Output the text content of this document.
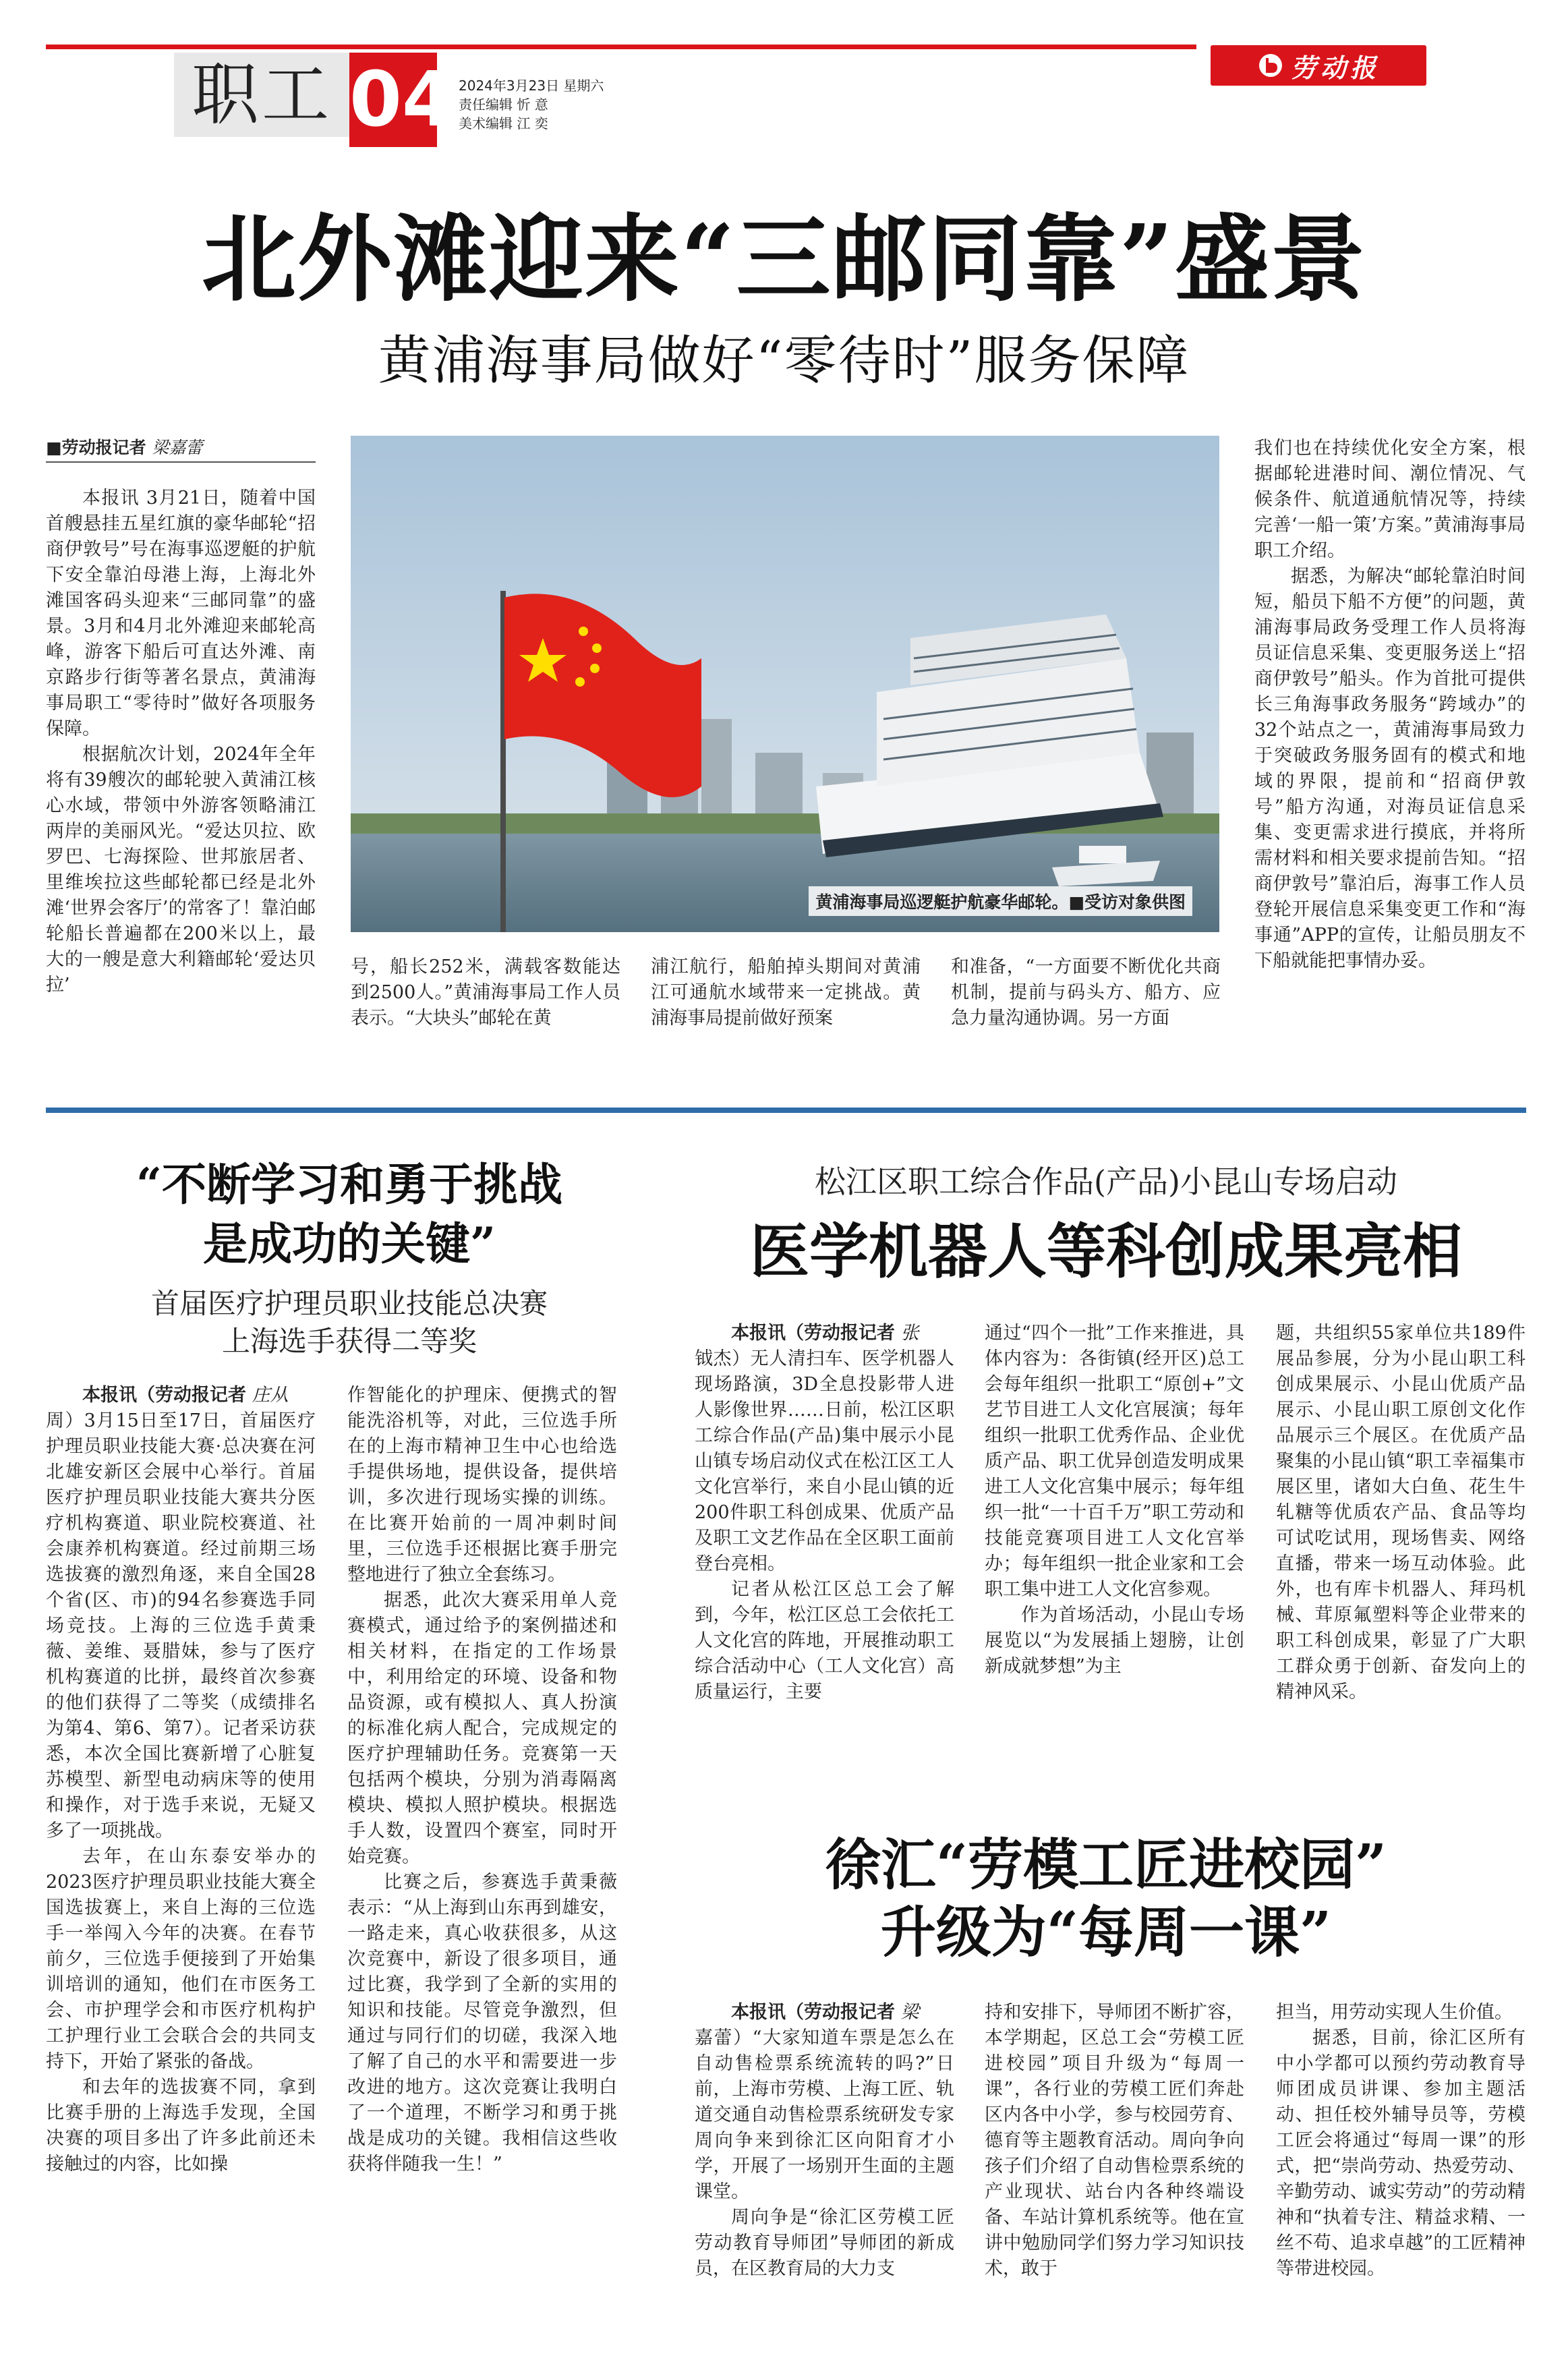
职工 04 2024年3月23日 星期六
责任编辑 忻 意
美术编辑 江 奕
劳动报
北外滩迎来“三邮同靠”盛景
黄浦海事局做好“零待时”服务保障
■劳动报记者 梁嘉蕾

本报讯 3月21日，随着中国首艘悬挂五星红旗的豪华邮轮“招商伊敦号”号在海事巡逻艇的护航下安全靠泊母港上海，上海北外滩国客码头迎来“三邮同靠”的盛景。3月和4月北外滩迎来邮轮高峰，游客下船后可直达外滩、南京路步行街等著名景点，黄浦海事局职工“零待时”做好各项服务保障。

根据航次计划，2024年全年将有39艘次的邮轮驶入黄浦江核心水域，带领中外游客领略浦江两岸的美丽风光。“爱达贝拉、欧罗巴、七海探险、世邦旅居者、里维埃拉这些邮轮都已经是北外滩‘世界会客厅’的常客了！靠泊邮轮船长普遍都在200米以上，最大的一艘是意大利籍邮轮‘爱达贝拉’

黄浦海事局巡逻艇护航豪华邮轮。■受访对象供图

号，船长252米，满载客数能达到2500人。”黄浦海事局工作人员表示。“大块头”邮轮在黄

浦江航行，船舶掉头期间对黄浦江可通航水域带来一定挑战。黄浦海事局提前做好预案

和准备，“一方面要不断优化共商机制，提前与码头方、船方、应急力量沟通协调。另一方面

我们也在持续优化安全方案，根据邮轮进港时间、潮位情况、气候条件、航道通航情况等，持续完善‘一船一策’方案。”黄浦海事局职工介绍。

据悉，为解决“邮轮靠泊时间短，船员下船不方便”的问题，黄浦海事局政务受理工作人员将海员证信息采集、变更服务送上“招商伊敦号”船头。作为首批可提供长三角海事政务服务“跨域办”的32个站点之一，黄浦海事局致力于突破政务服务固有的模式和地域的界限，提前和“招商伊敦号”船方沟通，对海员证信息采集、变更需求进行摸底，并将所需材料和相关要求提前告知。“招商伊敦号”靠泊后，海事工作人员登轮开展信息采集变更工作和“海事通”APP的宣传，让船员朋友不下船就能把事情办妥。

“不断学习和勇于挑战
是成功的关键”
首届医疗护理员职业技能总决赛
上海选手获得二等奖

本报讯（劳动报记者 庄从

周）3月15日至17日，首届医疗护理员职业技能大赛·总决赛在河北雄安新区会展中心举行。首届医疗护理员职业技能大赛共分医疗机构赛道、职业院校赛道、社会康养机构赛道。经过前期三场选拔赛的激烈角逐，来自全国28个省(区、市)的94名参赛选手同场竞技。上海的三位选手黄秉薇、姜维、聂腊妹，参与了医疗机构赛道的比拼，最终首次参赛的他们获得了二等奖（成绩排名为第4、第6、第7）。记者采访获悉，本次全国比赛新增了心脏复苏模型、新型电动病床等的使用和操作，对于选手来说，无疑又多了一项挑战。

去年，在山东泰安举办的2023医疗护理员职业技能大赛全国选拔赛上，来自上海的三位选手一举闯入今年的决赛。在春节前夕，三位选手便接到了开始集训培训的通知，他们在市医务工会、市护理学会和市医疗机构护工护理行业工会联合会的共同支持下，开始了紧张的备战。

和去年的选拔赛不同，拿到比赛手册的上海选手发现，全国决赛的项目多出了许多此前还未接触过的内容，比如操

作智能化的护理床、便携式的智能洗浴机等，对此，三位选手所在的上海市精神卫生中心也给选手提供场地，提供设备，提供培训，多次进行现场实操的训练。在比赛开始前的一周冲刺时间里，三位选手还根据比赛手册完整地进行了独立全套练习。

据悉，此次大赛采用单人竞赛模式，通过给予的案例描述和相关材料，在指定的工作场景中，利用给定的环境、设备和物品资源，或有模拟人、真人扮演的标准化病人配合，完成规定的医疗护理辅助任务。竞赛第一天包括两个模块，分别为消毒隔离模块、模拟人照护模块。根据选手人数，设置四个赛室，同时开始竞赛。

比赛之后，参赛选手黄秉薇表示：“从上海到山东再到雄安，一路走来，真心收获很多，从这次竞赛中，新设了很多项目，通过比赛，我学到了全新的实用的知识和技能。尽管竞争激烈，但通过与同行们的切磋，我深入地了解了自己的水平和需要进一步改进的地方。这次竞赛让我明白了一个道理，不断学习和勇于挑战是成功的关键。我相信这些收获将伴随我一生！”

松江区职工综合作品(产品)小昆山专场启动
医学机器人等科创成果亮相

本报讯（劳动报记者 张

钺杰）无人清扫车、医学机器人现场路演，3D全息投影带人进人影像世界……日前，松江区职工综合作品(产品)集中展示小昆山镇专场启动仪式在松江区工人文化宫举行，来自小昆山镇的近200件职工科创成果、优质产品及职工文艺作品在全区职工面前登台亮相。

记者从松江区总工会了解到，今年，松江区总工会依托工人文化宫的阵地，开展推动职工综合活动中心（工人文化宫）高质量运行，主要

通过“四个一批”工作来推进，具体内容为：各街镇(经开区)总工会每年组织一批职工“原创+”文艺节目进工人文化宫展演；每年组织一批职工优秀作品、企业优质产品、职工优异创造发明成果进工人文化宫集中展示；每年组织一批“一十百千万”职工劳动和技能竞赛项目进工人文化宫举办；每年组织一批企业家和工会职工集中进工人文化宫参观。

作为首场活动，小昆山专场展览以“为发展插上翅膀，让创新成就梦想”为主

题，共组织55家单位共189件展品参展，分为小昆山职工科创成果展示、小昆山优质产品展示、小昆山职工原创文化作品展示三个展区。在优质产品聚集的小昆山镇“职工幸福集市展区里，诸如大白鱼、花生牛轧糖等优质农产品、食品等均可试吃试用，现场售卖、网络直播，带来一场互动体验。此外，也有库卡机器人、拜玛机械、茸原氟塑料等企业带来的职工科创成果，彰显了广大职工群众勇于创新、奋发向上的精神风采。

徐汇“劳模工匠进校园”
升级为“每周一课”

本报讯（劳动报记者 梁

嘉蕾）“大家知道车票是怎么在自动售检票系统流转的吗?”日前，上海市劳模、上海工匠、轨道交通自动售检票系统研发专家周向争来到徐汇区向阳育才小学，开展了一场别开生面的主题课堂。

周向争是“徐汇区劳模工匠劳动教育导师团”导师团的新成员，在区教育局的大力支

持和安排下，导师团不断扩容，本学期起，区总工会“劳模工匠进校园”项目升级为“每周一课”，各行业的劳模工匠们奔赴区内各中小学，参与校园劳育、德育等主题教育活动。周向争向孩子们介绍了自动售检票系统的产业现状、站台内各种终端设备、车站计算机系统等。他在宣讲中勉励同学们努力学习知识技术，敢于

担当，用劳动实现人生价值。

据悉，目前，徐汇区所有中小学都可以预约劳动教育导师团成员讲课、参加主题活动、担任校外辅导员等，劳模工匠会将通过“每周一课”的形式，把“崇尚劳动、热爱劳动、辛勤劳动、诚实劳动”的劳动精神和“执着专注、精益求精、一丝不苟、追求卓越”的工匠精神等带进校园。
